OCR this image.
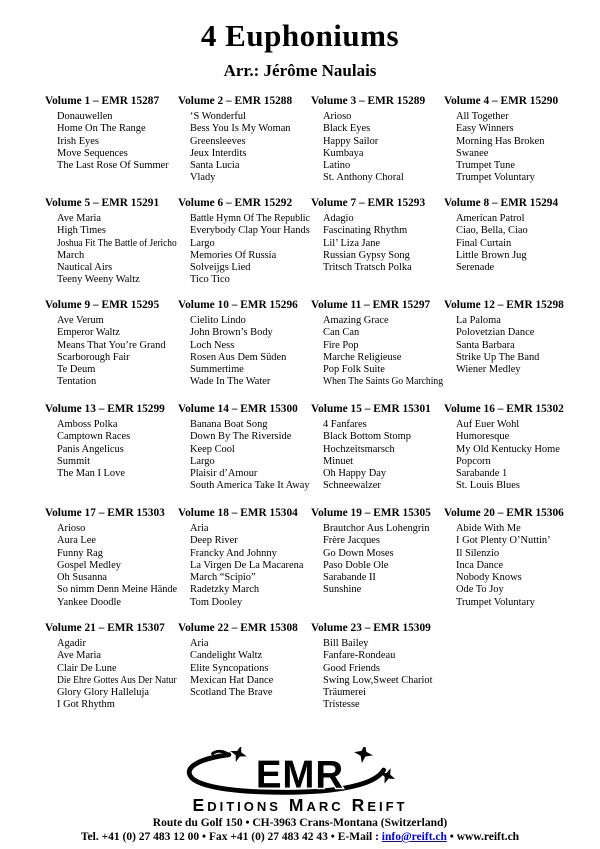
4 Euphoniums
Arr.: Jérôme Naulais
Volume 1 – EMR 15287
Donauwellen
Home On The Range
Irish Eyes
Move Sequences
The Last Rose Of Summer
Volume 2 – EMR 15288
‘S Wonderful
Bess You Is My Woman
Greensleeves
Jeux Interdits
Santa Lucia
Vlady
Volume 3 – EMR 15289
Arioso
Black Eyes
Happy Sailor
Kumbaya
Latino
St. Anthony Choral
Volume 4 – EMR 15290
All Together
Easy Winners
Morning Has Broken
Swanee
Trumpet Tune
Trumpet Voluntary
Volume 5 – EMR 15291
Ave Maria
High Times
Joshua Fit The Battle of Jericho
March
Nautical Airs
Teeny Weeny Waltz
Volume 6 – EMR 15292
Battle Hymn Of The Republic
Everybody Clap Your Hands
Largo
Memories Of Russia
Solveijgs Lied
Tico Tico
Volume 7 – EMR 15293
Adagio
Fascinating Rhythm
Lil’ Liza Jane
Russian Gypsy Song
Tritsch Tratsch Polka
Volume 8 – EMR 15294
American Patrol
Ciao, Bella, Ciao
Final Curtain
Little Brown Jug
Serenade
Volume 9 – EMR 15295
Ave Verum
Emperor Waltz
Means That You’re Grand
Scarborough Fair
Te Deum
Tentation
Volume 10 – EMR 15296
Cielito Lindo
John Brown’s Body
Loch Ness
Rosen Aus Dem Süden
Summertime
Wade In The Water
Volume 11 – EMR 15297
Amazing Grace
Can Can
Fire Pop
Marche Religieuse
Pop Folk Suite
When The Saints Go Marching
Volume 12 – EMR 15298
La Paloma
Polovetzian Dance
Santa Barbara
Strike Up The Band
Wiener Medley
Volume 13 – EMR 15299
Amboss Polka
Camptown Races
Panis Angelicus
Summit
The Man I Love
Volume 14 – EMR 15300
Banana Boat Song
Down By The Riverside
Keep Cool
Largo
Plaisir d’Amour
South America Take It Away
Volume 15 – EMR 15301
4 Fanfares
Black Bottom Stomp
Hochzeitsmarsch
Minuet
Oh Happy Day
Schneewalzer
Volume 16 – EMR 15302
Auf Euer Wohl
Humoresque
My Old Kentucky Home
Popcorn
Sarabande 1
St. Louis Blues
Volume 17 – EMR 15303
Arioso
Aura Lee
Funny Rag
Gospel Medley
Oh Susanna
So nimm Denn Meine Hände
Yankee Doodle
Volume 18 – EMR 15304
Aria
Deep River
Francky And Johnny
La Virgen De La Macarena
March “Scipio”
Radetzky March
Tom Dooley
Volume 19 – EMR 15305
Brautchor Aus Lohengrin
Frère Jacques
Go Down Moses
Paso Doble Ole
Sarabande II
Sunshine
Volume 20 – EMR 15306
Abide With Me
I Got Plenty O’Nuttin’
Il Silenzio
Inca Dance
Nobody Knows
Ode To Joy
Trumpet Voluntary
Volume 21 – EMR 15307
Agadir
Ave Maria
Clair De Lune
Die Ehre Gottes Aus Der Natur
Glory Glory Halleluja
I Got Rhythm
Volume 22 – EMR 15308
Aria
Candelight Waltz
Elite Syncopations
Mexican Hat Dance
Scotland The Brave
Volume 23 – EMR 15309
Bill Bailey
Fanfare-Rondeau
Good Friends
Swing Low,Sweet Chariot
Träumerei
Tristesse
EMR
EDITIONS MARC REIFT
Route du Golf 150 • CH-3963 Crans-Montana (Switzerland)
Tel. +41 (0) 27 483 12 00 • Fax +41 (0) 27 483 42 43 • E-Mail : info@reift.ch • www.reift.ch
